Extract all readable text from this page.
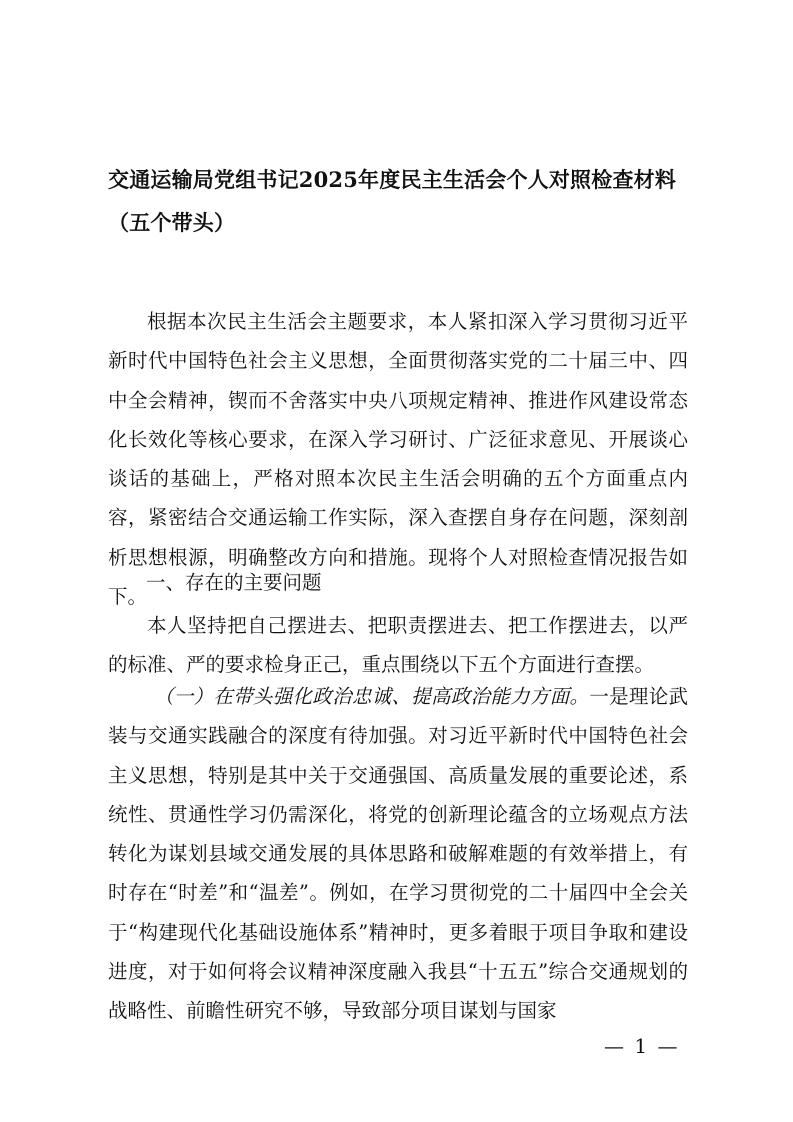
交通运输局党组书记2025年度民主生活会个人对照检查材料（五个带头）

根据本次民主生活会主题要求，本人紧扣深入学习贯彻习近平新时代中国特色社会主义思想，全面贯彻落实党的二十届三中、四中全会精神，锲而不舍落实中央八项规定精神、推进作风建设常态化长效化等核心要求，在深入学习研讨、广泛征求意见、开展谈心谈话的基础上，严格对照本次民主生活会明确的五个方面重点内容，紧密结合交通运输工作实际，深入查摆自身存在问题，深刻剖析思想根源，明确整改方向和措施。现将个人对照检查情况报告如下。

一、存在的主要问题

本人坚持把自己摆进去、把职责摆进去、把工作摆进去，以严的标准、严的要求检身正己，重点围绕以下五个方面进行查摆。

（一）在带头强化政治忠诚、提高政治能力方面。一是理论武装与交通实践融合的深度有待加强。对习近平新时代中国特色社会主义思想，特别是其中关于交通强国、高质量发展的重要论述，系统性、贯通性学习仍需深化，将党的创新理论蕴含的立场观点方法转化为谋划县域交通发展的具体思路和破解难题的有效举措上，有时存在“时差”和“温差”。例如，在学习贯彻党的二十届四中全会关于“构建现代化基础设施体系”精神时，更多着眼于项目争取和建设进度，对于如何将会议精神深度融入我县“十五五”综合交通规划的战略性、前瞻性研究不够，导致部分项目谋划与国家

— 1 —
